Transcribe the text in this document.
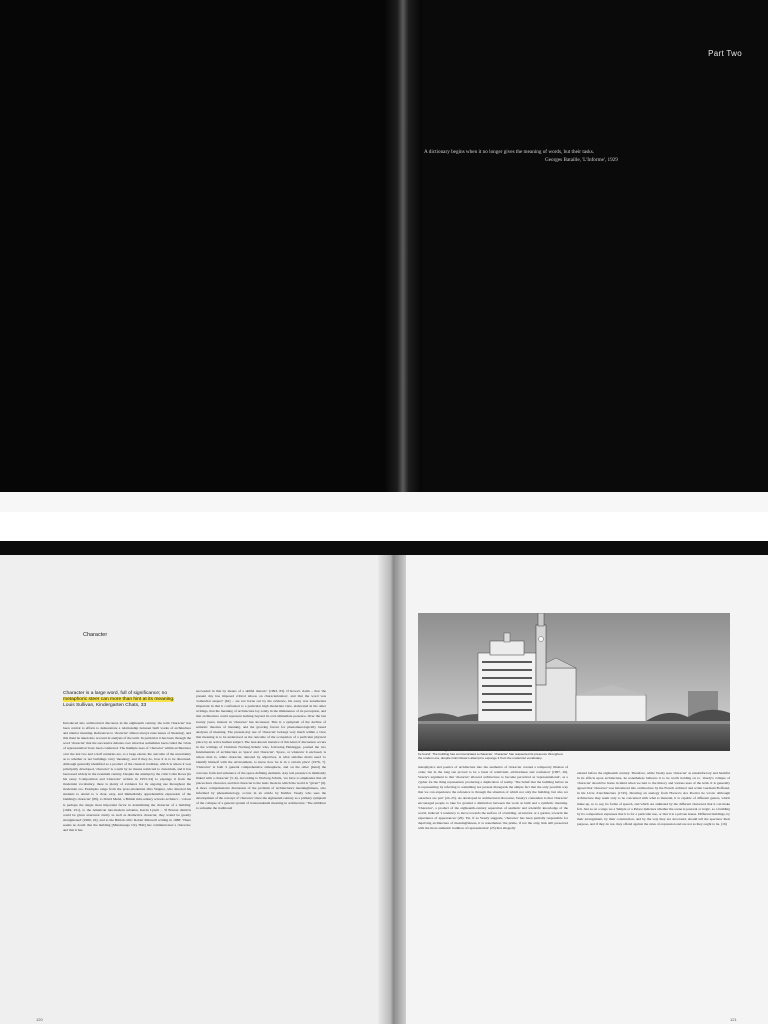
Part Two
A dictionary begins when it no longer gives the meaning of words, but their tasks.
Georges Bataille, 'L'Informe', 1929
Character
Character is a large word, full of significance; no
metaphoric steer can more than hint at its meaning.
Louis Sullivan, Kindergarten Chats, 33
Introduced into architectural discourse in the eighteenth century, the term 'character' has been central to efforts to demonstrate a relationship between built works of architecture and ulterior meaning. References to 'character' almost always raise issues of 'meaning', and this must be taken into account in analysis of the term. In particular it has been through the word 'character' that the successive debates over what has sometimes been called the 'crisis of representation' have been conducted. The multiple uses of 'character' within architecture over the last two and a half centuries are, to a large extent, the outcome of the uncertainty as to whether or not buildings carry 'meaning', and if they do, how it is to be discerned. Although generally identified as a product of the classical tradition, which is where it was principally developed, 'character' is a term by no means restricted to classicism, and it has been used widely in the twentieth century. Despite the attempt by the critic Colin Rowe (in his essay 'Composition and Character' written in 1953–54) to expunge it from the modernist vocabulary, there is plenty of evidence for its ongoing use throughout the modernist era. Examples range from the proto-modernist Otto Wagner, who directed his students to attend to 'a clear, easy, and immediately apprehensible expression of the building's character' (89), to David Medd, a British mid-century schools architect – 'colour is perhaps the single most important factor in determining the character of a building' (1949, 251), to the American late-modern urbanist, Kevin Lynch – 'If Boston districts could be given structural clarity as well as distinctive character, they would be greatly strengthened' (1960, 22); and to the British critic Robert Maxwell writing in 1988: 'There seems no doubt that the building [Mississauga City Hall] has communicated a character, and that it has
succeeded in this by means of a skilful rhetoric' (1993, 83). If Rowe's claim – that 'the present day has imposed critical taboos on characterization', and that the word was 'somewhat suspect' (62) – are not borne out by the evidence, his essay was nonetheless important in that it confronted to a particular high modernist view, elaborated in his other writings, that the meaning of architecture lay solely in the immanence of its perception, and that architecture could represent nothing beyond its own immediate presence. Over the last twenty years, interest in 'character' has increased. This is a symptom of the decline of semiotic theories of meaning, and the growing favour for phenomenologically based analyses of meaning. The present-day use of 'character' belongs very much within a view that meaning is to be understood as the outcome of the occupation of a particular physical place by an active human subject. The best-known instance of this kind of discussion occurs in the writings of Christian Norberg-Schulz who, following Heidegger, posited the two fundamentals of architecture as 'space' and 'character'. Space, or whatever it enclosed, is where man is, while character, denoted by adjectives, is what satisfies man's need 'to identify himself with the environment, to know how he is in a certain place' (1976, 7). 'Character' is both 'a general comprehensive atmosphere, and on the other [hand] the concrete form and substance of the space-defining elements. Any real presence is intimately linked with a character' (5–6). According to Norberg-Schulz, 'we have to emphasize that all places have character, and that character is the basic mode in which the world is "given"' (6). A more comprehensive discussion of the problem of architecture's meaningfulness, also informed by phenomenology, occurs in an article by Dalibor Vesely who sees the development of the concept of 'character' since the eighteenth century as a primary symptom of the collapse of a general system of transcendental meaning in architecture. 'The ambition to subsume the traditional
City Hall, Mississauga, Canada, E. Jones and M. Kirkland, 1982–86: 'an ideal of character is everywhere to be found'. The building has communicated a character; 'character' has reasserted its presence throughout the modern era, despite Colin Rowe's attempt to expunge it from the modernist vocabulary.
metaphysics and poetics of architecture into the aesthetics of character created a temporary illusion of order, but in the long run proved to be a basis of relativism, arbitrariness and confusion' (1997, 26). Vesely's argument is that 'character' allowed architecture to become perceived as 'representational', as a cypher for the thing represented, producing a duplication of reality. 'The belief that the building before us is representing by referring to something not present disregards the simple fact that the only possible way that we can experience the reference is through the situation of which not only the building, but also we ourselves are part' (24–25). As developed in architectural discourse, Vesely's contention is that 'character' encouraged people to take for granted a distinction between the work as built and a symbolic meaning. 'Character', a product of the eighteenth-century separation of aesthetic and scientific knowledge of the world, induced 'a tendency to move towards the surface of a building, an interior or a garden, towards the experience of appearances' (26). Yet, if as Vesely suggests, 'character' has been partially responsible for depriving architecture of meaningfulness, it is nonetheless 'the prime, if not the only, link still preserved with the more authentic tradition of representation' (25) that allegedly
existed before the eighteenth century. Therefore, while Vesely sees 'character' as unsatisfactory and harmful in its effects upon architecture, he nonetheless believes it to be worth holding on to. Vesely's critique of 'character' should be borne in mind when we turn to the history and various uses of the term. It is generally agreed that 'character' was introduced into architecture by the French architect and writer Germain Boffrand, in his Livre d'Architecture (1745). Drawing an analogy from Horace's Ars Poetica he wrote: Although architecture may seem only to be concerned with what is material, it is capable of different genres, which make up, so to say, its forms of speech, and which are animated by the different characters that it can make felt. Just as on a stage we a Temple or a Palace indicates whether the scene is pastoral or tragic, so a building by its composition expresses that it is for a particular use, or that it is a private house. Different buildings, by their arrangement, by their construction, and by the way they are decorated, should tell the spectator their purpose, and if they do not, they offend against the rules of expression and are not as they ought to be. (16)
120	121
